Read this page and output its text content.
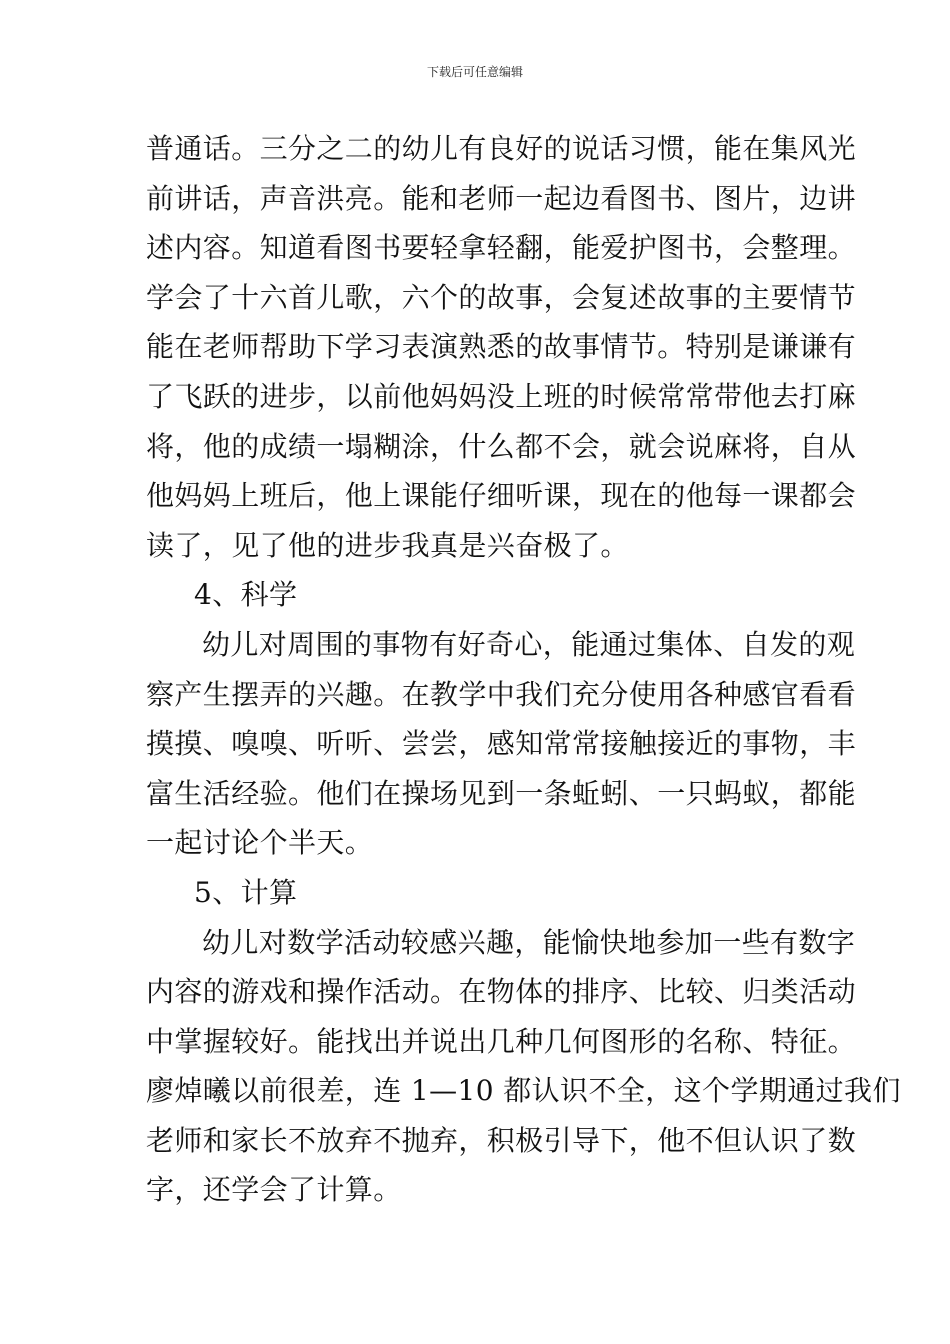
下载后可任意编辑
普通话。三分之二的幼儿有良好的说话习惯，能在集风光
前讲话，声音洪亮。能和老师一起边看图书、图片，边讲
述内容。知道看图书要轻拿轻翻，能爱护图书，会整理。
学会了十六首儿歌，六个的故事，会复述故事的主要情节
能在老师帮助下学习表演熟悉的故事情节。特别是谦谦有
了飞跃的进步，以前他妈妈没上班的时候常常带他去打麻
将，他的成绩一塌糊涂，什么都不会，就会说麻将，自从
他妈妈上班后，他上课能仔细听课，现在的他每一课都会
读了，见了他的进步我真是兴奋极了。
4、科学
幼儿对周围的事物有好奇心，能通过集体、自发的观
察产生摆弄的兴趣。在教学中我们充分使用各种感官看看
摸摸、嗅嗅、听听、尝尝，感知常常接触接近的事物，丰
富生活经验。他们在操场见到一条蚯蚓、一只蚂蚁，都能
一起讨论个半天。
5、计算
幼儿对数学活动较感兴趣，能愉快地参加一些有数字
内容的游戏和操作活动。在物体的排序、比较、归类活动
中掌握较好。能找出并说出几种几何图形的名称、特征。
廖焯曦以前很差，连 1—10 都认识不全，这个学期通过我们
老师和家长不放弃不抛弃，积极引导下，他不但认识了数
字，还学会了计算。
